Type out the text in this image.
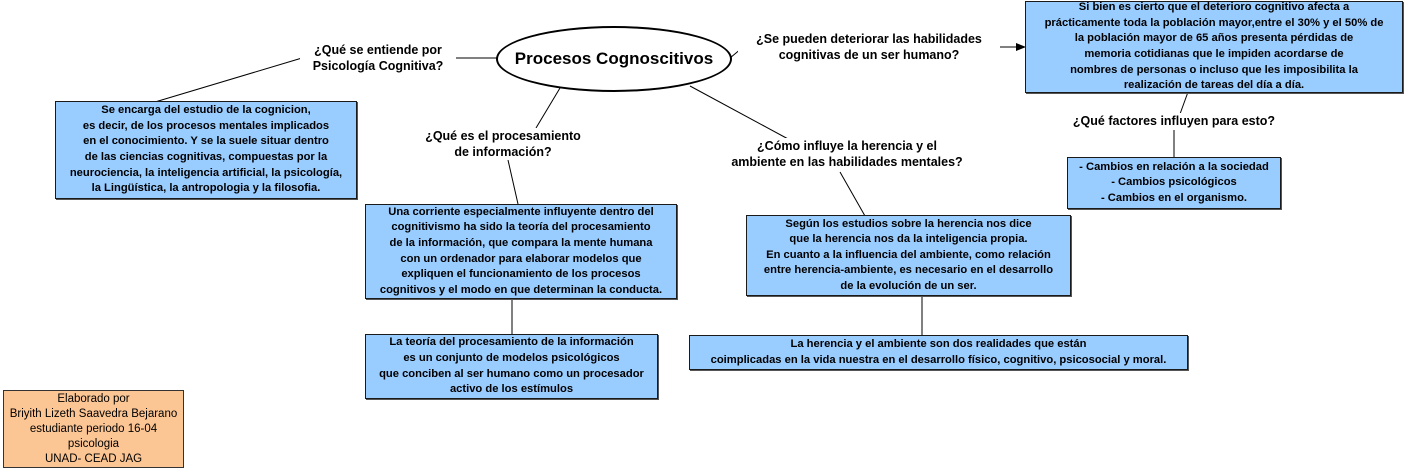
Procesos Cognoscitivos
¿Qué se entiende por
Psicología Cognitiva?
¿Qué es el procesamiento
de información?	¿Cómo influye la herencia y el
ambiente en las habilidades mentales?
¿Se pueden deteriorar las habilidades
cognitivas de un ser humano?
¿Qué factores influyen para esto?
Se encarga del estudio de la cognicion,
es decir, de los procesos mentales implicados
en el conocimiento. Y se la suele situar dentro
de las ciencias cognitivas, compuestas por la
neurociencia, la inteligencia artificial, la psicología,
la Lingüística, la antropologia y la filosofia.
Una corriente especialmente influyente dentro del
cognitivismo ha sido la teoría del procesamiento
de la información, que compara la mente humana
con un ordenador para elaborar modelos que
expliquen el funcionamiento de los procesos
cognitivos y el modo en que determinan la conducta.
La teoría del procesamiento de la información
es un conjunto de modelos psicológicos
que conciben al ser humano como un procesador
activo de los estímulos
Según los estudios sobre la herencia nos dice
que la herencia nos da la inteligencia propia.
En cuanto a la influencia del ambiente, como relación
entre herencia-ambiente, es necesario en el desarrollo
de la evolución de un ser.
La herencia y el ambiente son dos realidades que están
coimplicadas en la vida nuestra en el desarrollo físico, cognitivo, psicosocial y moral.
Si bien es cierto que el deterioro cognitivo afecta a
prácticamente toda la población mayor,entre el 30% y el 50% de
la población mayor de 65 años presenta pérdidas de
memoria cotidianas que le impiden acordarse de
nombres de personas o incluso que les imposibilita la
realización de tareas del día a día.
- Cambios en relación a la sociedad
- Cambios psicológicos
- Cambios en el organismo.
Elaborado por
Briyith Lizeth Saavedra Bejarano
estudiante periodo 16-04
psicologia
UNAD- CEAD JAG
